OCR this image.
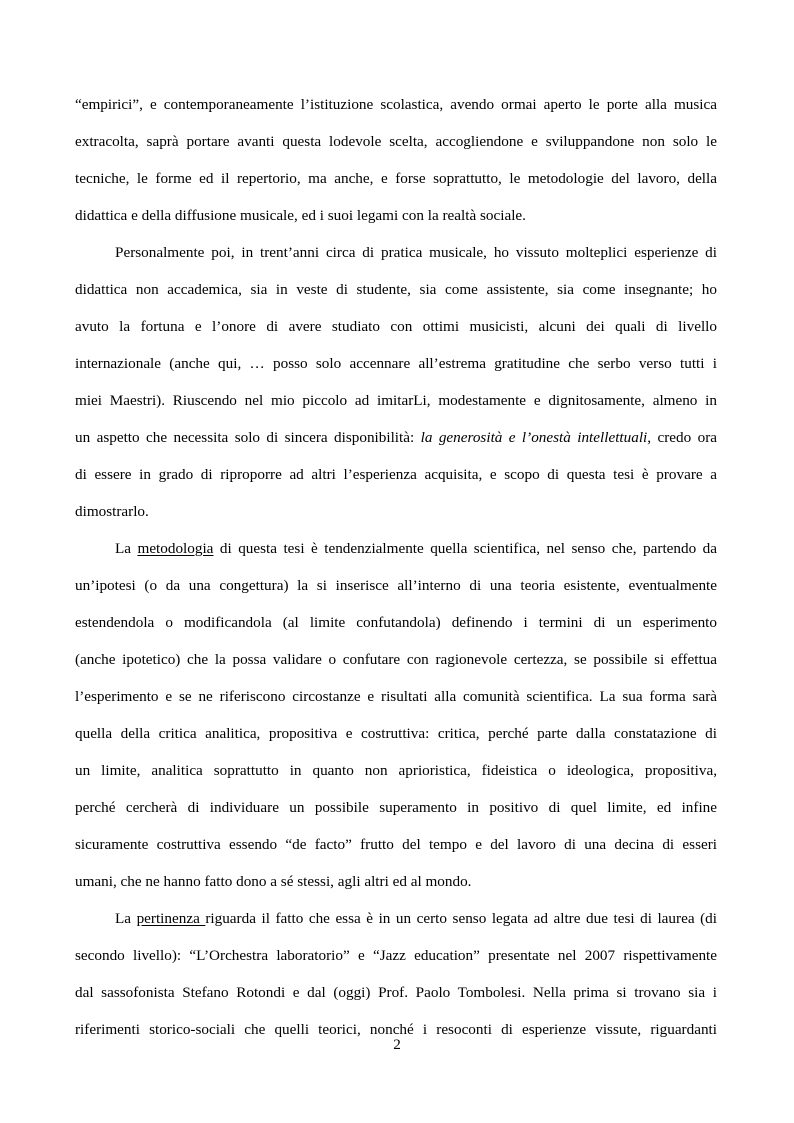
“empirici”, e contemporaneamente l’istituzione scolastica, avendo ormai aperto le porte alla musica
extracolta, saprà portare avanti questa lodevole scelta, accogliendone e sviluppandone non solo le
tecniche, le forme ed il repertorio, ma anche, e forse soprattutto, le metodologie del lavoro, della
didattica e della diffusione musicale, ed i suoi legami con la realtà sociale.
Personalmente poi, in trent’anni circa di pratica musicale, ho vissuto molteplici esperienze di
didattica non accademica, sia in veste di studente, sia come assistente, sia come insegnante; ho
avuto la fortuna e l’onore di avere studiato con ottimi musicisti, alcuni dei quali di livello
internazionale (anche qui, … posso solo accennare all’estrema gratitudine che serbo verso tutti i
miei Maestri). Riuscendo nel mio piccolo ad imitarLi, modestamente e dignitosamente, almeno in
un aspetto che necessita solo di sincera disponibilità: la generosità e l’onestà intellettuali, credo ora
di essere in grado di riproporre ad altri l’esperienza acquisita, e scopo di questa tesi è provare a
dimostrarlo.
La metodologia di questa tesi è tendenzialmente quella scientifica, nel senso che, partendo da
un’ipotesi (o da una congettura) la si inserisce all’interno di una teoria esistente, eventualmente
estendendola o modificandola (al limite confutandola) definendo i termini di un esperimento
(anche ipotetico) che la possa validare o confutare con ragionevole certezza, se possibile si effettua
l’esperimento e se ne riferiscono circostanze e risultati alla comunità scientifica. La sua forma sarà
quella della critica analitica, propositiva e costruttiva: critica, perché parte dalla constatazione di
un limite, analitica soprattutto in quanto non aprioristica, fideistica o ideologica, propositiva,
perché cercherà di individuare un possibile superamento in positivo di quel limite, ed infine
sicuramente costruttiva essendo “de facto” frutto del tempo e del lavoro di una decina di esseri
umani, che ne hanno fatto dono a sé stessi, agli altri ed al mondo.
La pertinenza riguarda il fatto che essa è in un certo senso legata ad altre due tesi di laurea (di
secondo livello): “L’Orchestra laboratorio” e “Jazz education” presentate nel 2007 rispettivamente
dal sassofonista Stefano Rotondi e dal (oggi) Prof. Paolo Tombolesi. Nella prima si trovano sia i
riferimenti storico-sociali che quelli teorici, nonché i resoconti di esperienze vissute, riguardanti
2
